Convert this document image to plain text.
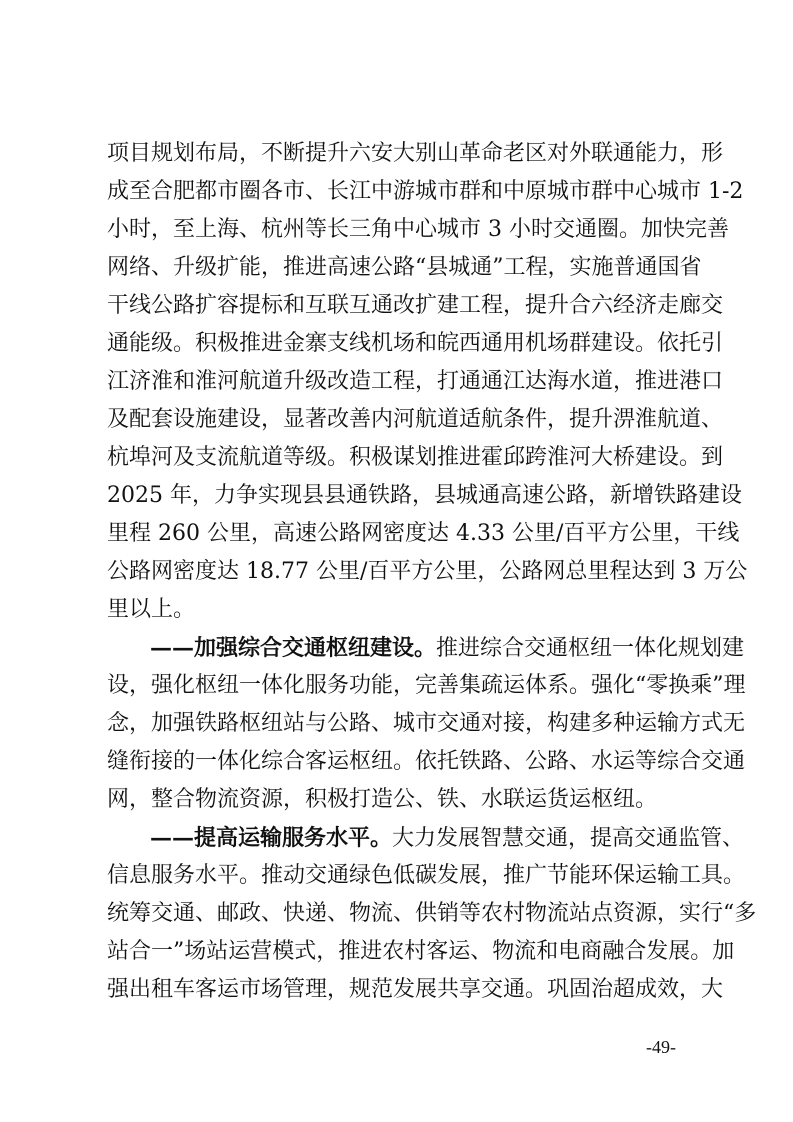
项目规划布局，不断提升六安大别山革命老区对外联通能力，形
成至合肥都市圈各市、长江中游城市群和中原城市群中心城市 1-2
小时，至上海、杭州等长三角中心城市 3 小时交通圈。加快完善
网络、升级扩能，推进高速公路“县城通”工程，实施普通国省
干线公路扩容提标和互联互通改扩建工程，提升合六经济走廊交
通能级。积极推进金寨支线机场和皖西通用机场群建设。依托引
江济淮和淮河航道升级改造工程，打通通江达海水道，推进港口
及配套设施建设，显著改善内河航道适航条件，提升淠淮航道、
杭埠河及支流航道等级。积极谋划推进霍邱跨淮河大桥建设。到
2025 年，力争实现县县通铁路，县城通高速公路，新增铁路建设
里程 260 公里，高速公路网密度达 4.33 公里/百平方公里，干线
公路网密度达 18.77 公里/百平方公里，公路网总里程达到 3 万公
里以上。
——加强综合交通枢纽建设。推进综合交通枢纽一体化规划建
设，强化枢纽一体化服务功能，完善集疏运体系。强化“零换乘”理
念，加强铁路枢纽站与公路、城市交通对接，构建多种运输方式无
缝衔接的一体化综合客运枢纽。依托铁路、公路、水运等综合交通
网，整合物流资源，积极打造公、铁、水联运货运枢纽。
——提高运输服务水平。大力发展智慧交通，提高交通监管、
信息服务水平。推动交通绿色低碳发展，推广节能环保运输工具。
统筹交通、邮政、快递、物流、供销等农村物流站点资源，实行“多
站合一”场站运营模式，推进农村客运、物流和电商融合发展。加
强出租车客运市场管理，规范发展共享交通。巩固治超成效，大
-49-
